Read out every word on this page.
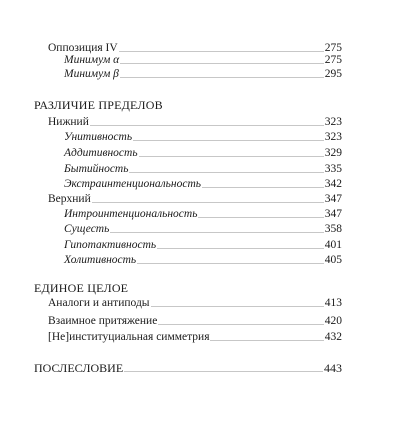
Оппозиция IV	275
Минимум α	275
Минимум β	295
РАЗЛИЧИЕ ПРЕДЕЛОВ
Нижний	323
Унитивность	323
Аддитивность	329
Бытийность	335
Экстраинтенциональность	342
Верхний	347
Интроинтенциональность	347
Сущесть	358
Гипотактивность	401
Холитивность	405
ЕДИНОЕ ЦЕЛОЕ
Аналоги и антиподы	413
Взаимное притяжение	420
[Не]институциальная симметрия	432
ПОСЛЕСЛОВИЕ	443
